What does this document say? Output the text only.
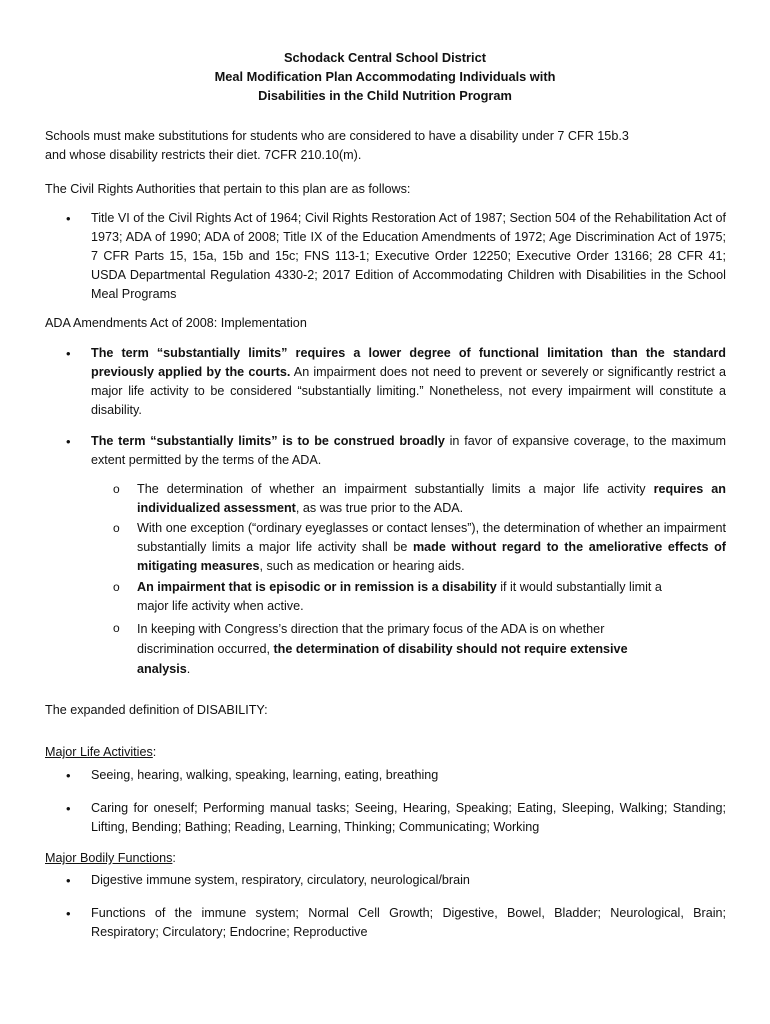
Schodack Central School District
Meal Modification Plan Accommodating Individuals with
Disabilities in the Child Nutrition Program
Schools must make substitutions for students who are considered to have a disability under 7 CFR 15b.3
and whose disability restricts their diet. 7CFR 210.10(m).
The Civil Rights Authorities that pertain to this plan are as follows:
•
Title VI of the Civil Rights Act of 1964; Civil Rights Restoration Act of 1987; Section 504 of the Rehabilitation Act of 1973; ADA of 1990; ADA of 2008; Title IX of the Education Amendments of 1972; Age Discrimination Act of 1975; 7 CFR Parts 15, 15a, 15b and 15c; FNS 113-1; Executive Order 12250; Executive Order 13166; 28 CFR 41; USDA Departmental Regulation 4330-2; 2017 Edition of Accommodating Children with Disabilities in the School Meal Programs
ADA Amendments Act of 2008: Implementation
•
The term “substantially limits” requires a lower degree of functional limitation than the standard previously applied by the courts. An impairment does not need to prevent or severely or significantly restrict a major life activity to be considered “substantially limiting.” Nonetheless, not every impairment will constitute a disability.
•
The term “substantially limits” is to be construed broadly in favor of expansive coverage, to the maximum extent permitted by the terms of the ADA.
o
The determination of whether an impairment substantially limits a major life activity requires an individualized assessment, as was true prior to the ADA.
o
With one exception (“ordinary eyeglasses or contact lenses”), the determination of whether an impairment substantially limits a major life activity shall be made without regard to the ameliorative effects of mitigating measures, such as medication or hearing aids.
o
An impairment that is episodic or in remission is a disability if it would substantially limit a major life activity when active.
o
In keeping with Congress’s direction that the primary focus of the ADA is on whether discrimination occurred, the determination of disability should not require extensive analysis.
The expanded definition of DISABILITY:
Major Life Activities:
•
Seeing, hearing, walking, speaking, learning, eating, breathing
•
Caring for oneself; Performing manual tasks; Seeing, Hearing, Speaking; Eating, Sleeping, Walking; Standing; Lifting, Bending; Bathing; Reading, Learning, Thinking; Communicating; Working
Major Bodily Functions:
•
Digestive immune system, respiratory, circulatory, neurological/brain
•
Functions of the immune system; Normal Cell Growth; Digestive, Bowel, Bladder; Neurological, Brain; Respiratory; Circulatory; Endocrine; Reproductive
